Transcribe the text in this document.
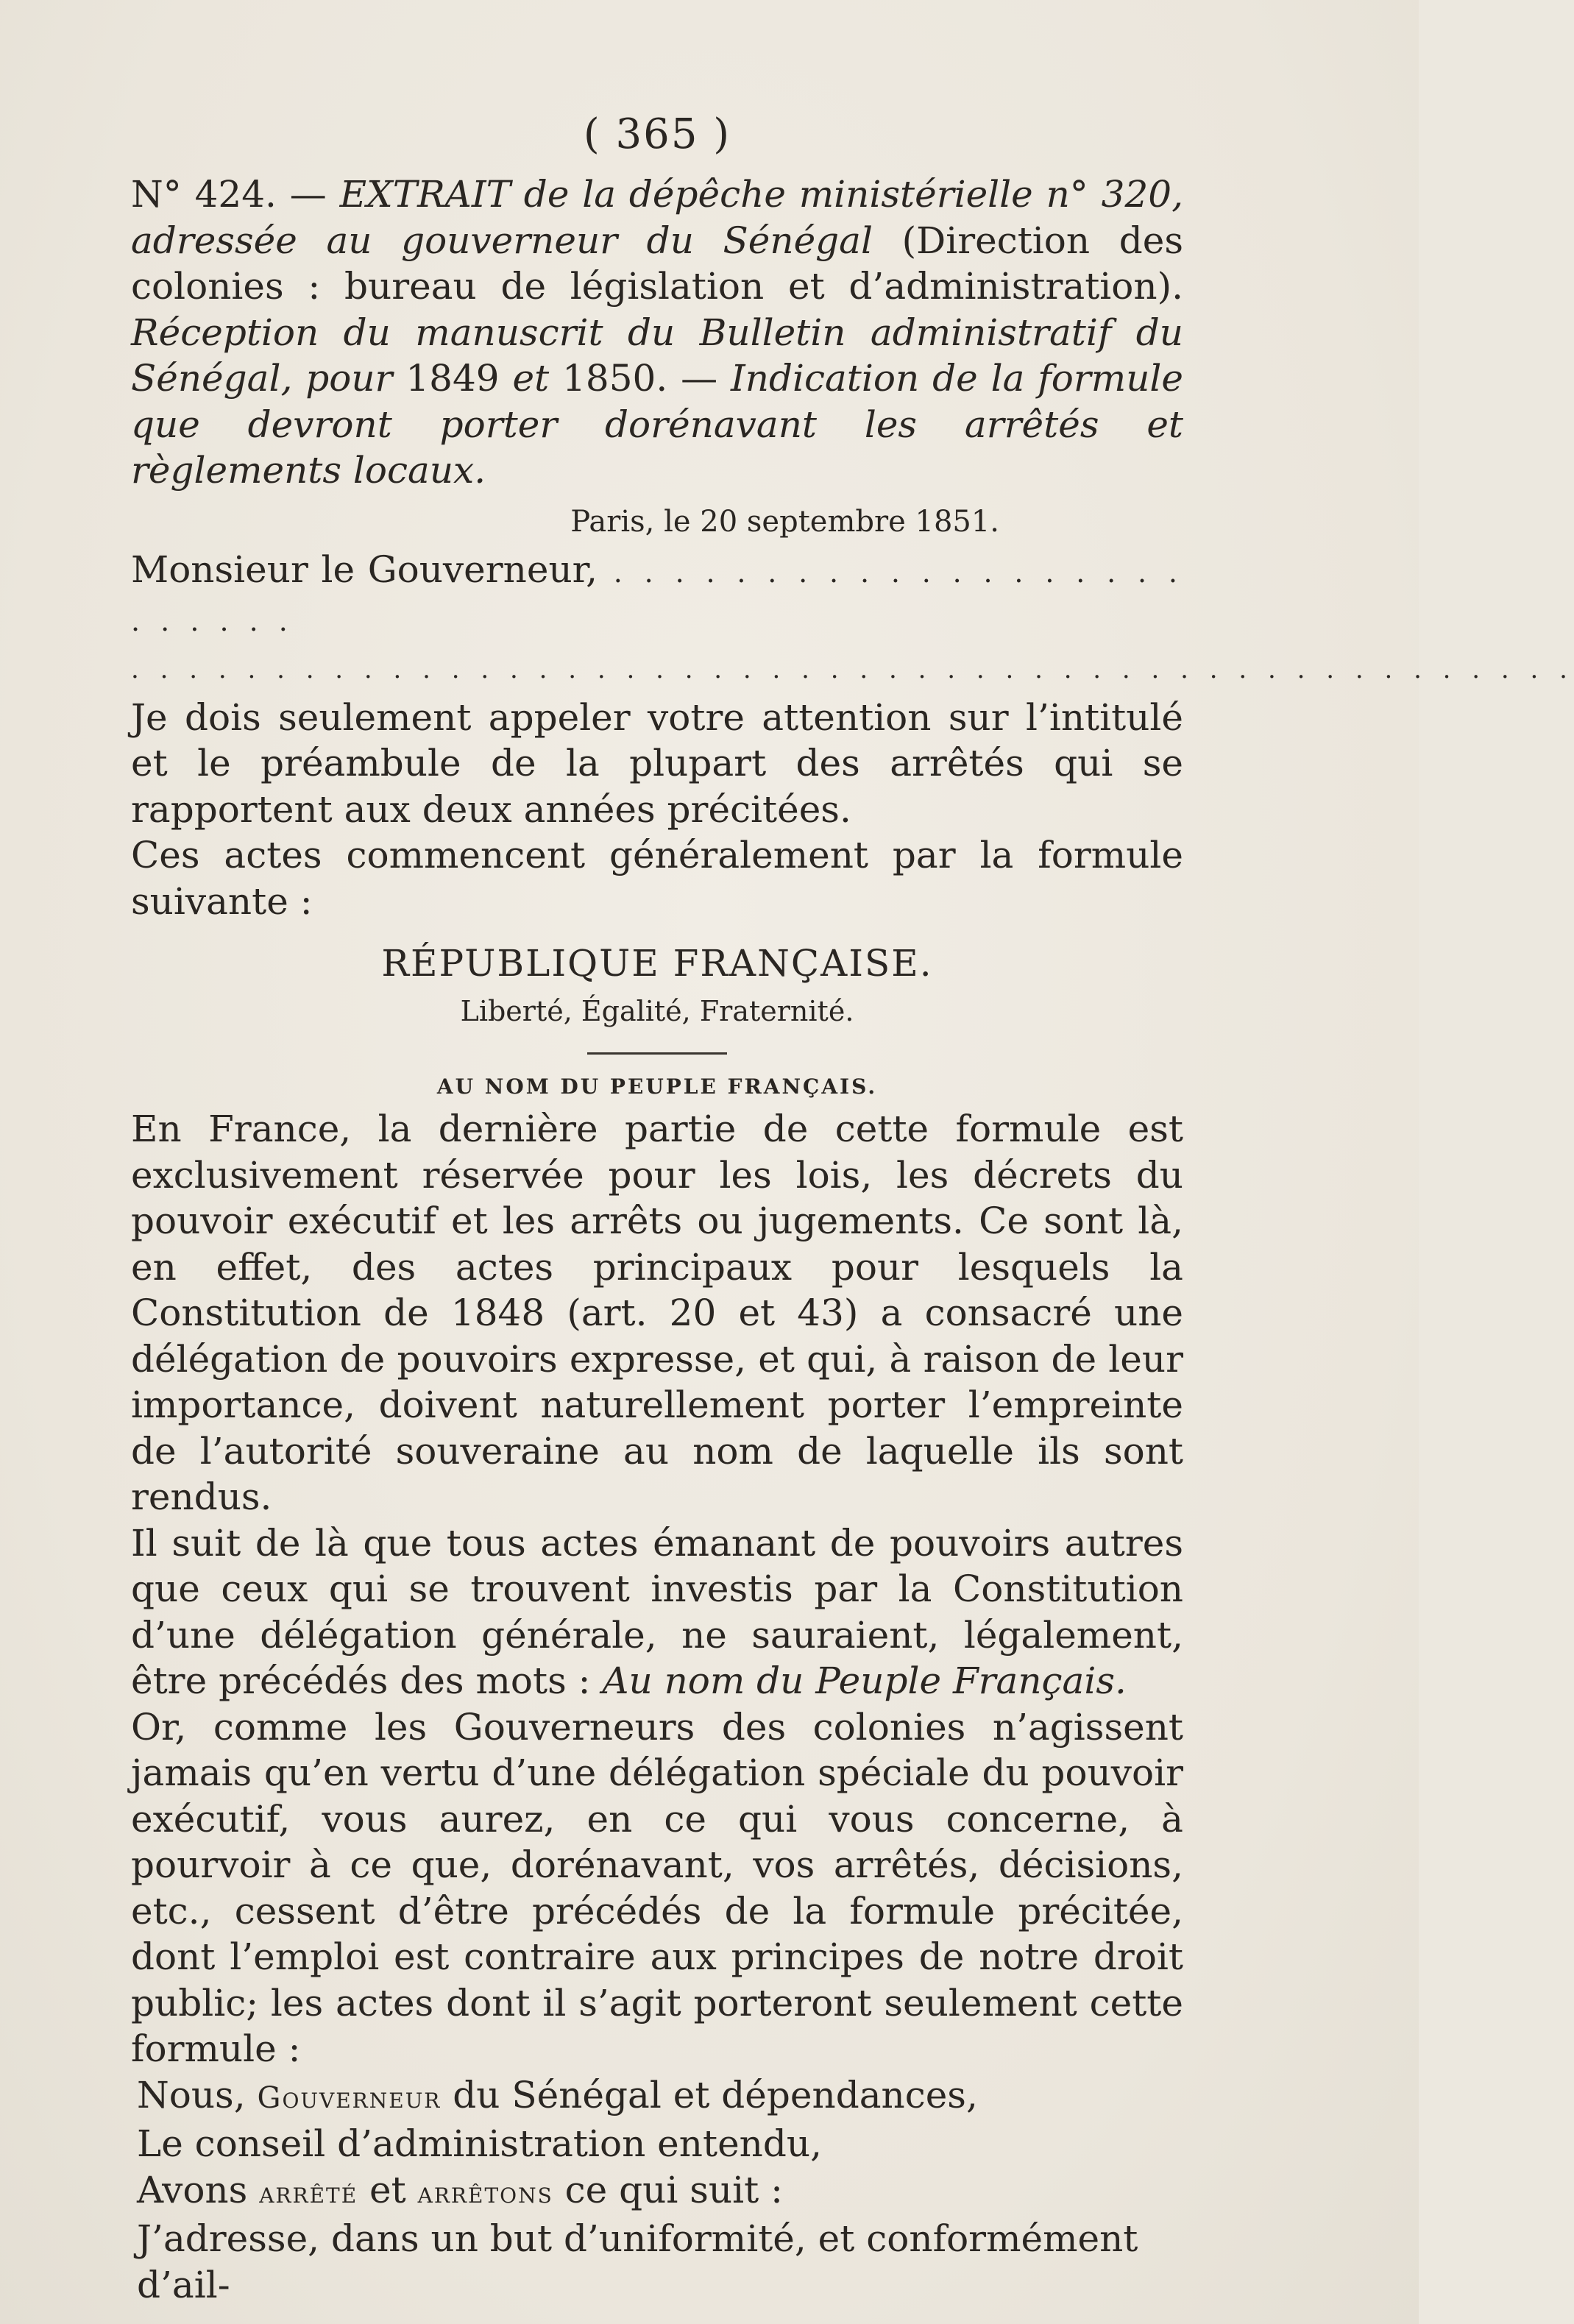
( 365 )

N° 424. — EXTRAIT de la dépêche ministérielle n° 320, adressée au gouverneur du Sénégal (Direction des colonies : bureau de législation et d’administration). Réception du manuscrit du Bulletin administratif du Sénégal, pour 1849 et 1850. — Indication de la formule que devront porter dorénavant les arrêtés et règlements locaux.

Paris, le 20 septembre 1851.

Monsieur le Gouverneur, . . . . . . . . . . . . . . . . . . . . . . . . .

. . . . . . . . . . . . . . . . . . . . . . . . . . . . . . . . . . . . . . . . . . . . . . . . . .

Je dois seulement appeler votre attention sur l’intitulé et le préambule de la plupart des arrêtés qui se rapportent aux deux années précitées.

Ces actes commencent généralement par la formule suivante :

RÉPUBLIQUE FRANÇAISE.
Liberté, Égalité, Fraternité.
AU NOM DU PEUPLE FRANÇAIS.

En France, la dernière partie de cette formule est exclusivement réservée pour les lois, les décrets du pouvoir exécutif et les arrêts ou jugements. Ce sont là, en effet, des actes principaux pour lesquels la Constitution de 1848 (art. 20 et 43) a consacré une délégation de pouvoirs expresse, et qui, à raison de leur importance, doivent naturellement porter l’empreinte de l’autorité souveraine au nom de laquelle ils sont rendus.

Il suit de là que tous actes émanant de pouvoirs autres que ceux qui se trouvent investis par la Constitution d’une délégation générale, ne sauraient, légalement, être précédés des mots : Au nom du Peuple Français.

Or, comme les Gouverneurs des colonies n’agissent jamais qu’en vertu d’une délégation spéciale du pouvoir exécutif, vous aurez, en ce qui vous concerne, à pourvoir à ce que, dorénavant, vos arrêtés, décisions, etc., cessent d’être précédés de la formule précitée, dont l’emploi est contraire aux principes de notre droit public; les actes dont il s’agit porteront seulement cette formule :

Nous, Gouverneur du Sénégal et dépendances,
Le conseil d’administration entendu,
Avons arrêté et arrêtons ce qui suit :
J’adresse, dans un but d’uniformité, et conformément d’ail-
